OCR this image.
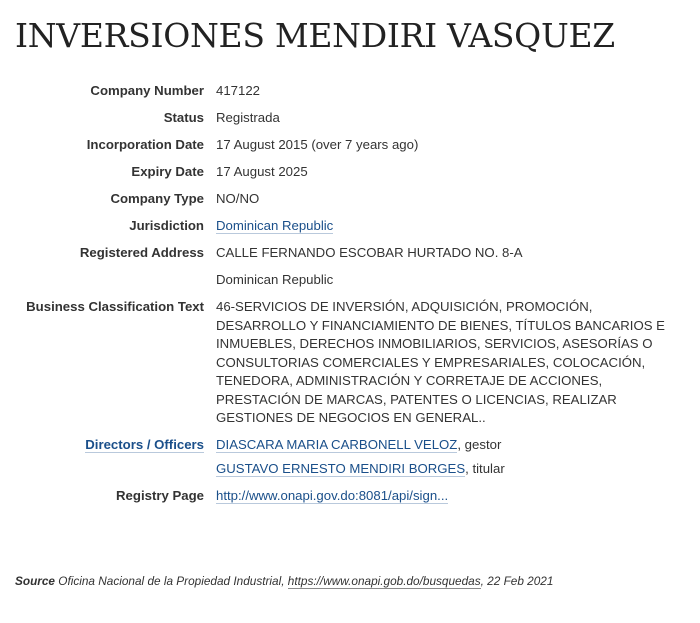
INVERSIONES MENDIRI VASQUEZ
Company Number 417122
Status Registrada
Incorporation Date 17 August 2015 (over 7 years ago)
Expiry Date 17 August 2025
Company Type NO/NO
Jurisdiction Dominican Republic
Registered Address CALLE FERNANDO ESCOBAR HURTADO NO. 8-A
Dominican Republic
Business Classification Text 46-SERVICIOS DE INVERSIÓN, ADQUISICIÓN, PROMOCIÓN, DESARROLLO Y FINANCIAMIENTO DE BIENES, TÍTULOS BANCARIOS E INMUEBLES, DERECHOS INMOBILIARIOS, SERVICIOS, ASESORÍAS O CONSULTORIAS COMERCIALES Y EMPRESARIALES, COLOCACIÓN, TENEDORA, ADMINISTRACIÓN Y CORRETAJE DE ACCIONES, PRESTACIÓN DE MARCAS, PATENTES O LICENCIAS, REALIZAR GESTIONES DE NEGOCIOS EN GENERAL..
Directors / Officers DIASCARA MARIA CARBONELL VELOZ, gestor
GUSTAVO ERNESTO MENDIRI BORGES, titular
Registry Page http://www.onapi.gov.do:8081/api/sign...
Source Oficina Nacional de la Propiedad Industrial, https://www.onapi.gob.do/busquedas, 22 Feb 2021
